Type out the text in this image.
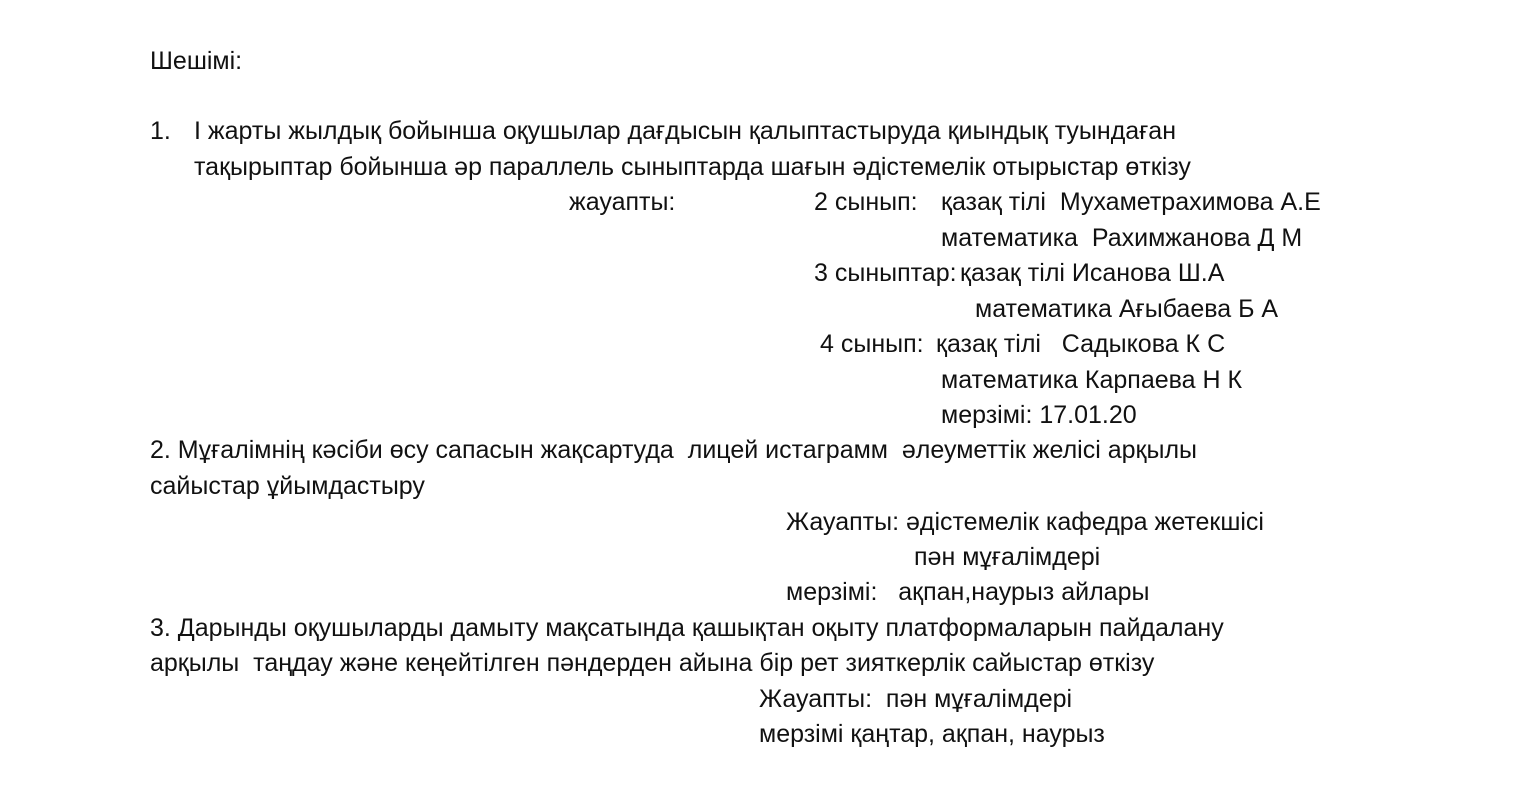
Шешімі:
1. І жарты жылдық бойынша оқушылар дағдысын қалыптастыруда қиындық туындаған
тақырыптар бойынша әр параллель сыныптарда шағын әдістемелік отырыстар өткізу
жауапты:	2 сынып: қазақ тілі  Мухаметрахимова А.Е
математика  Рахимжанова Д М
3 сыныптар: қазақ тілі Исанова Ш.А
математика Ағыбаева Б А
4 сынып: қазақ тілі   Садыкова К С
математика Карпаева Н К
мерзімі: 17.01.20
2. Мұғалімнің кәсіби өсу сапасын жақсартуда  лицей истаграмм  әлеуметтік желісі арқылы
сайыстар ұйымдастыру
Жауапты: әдістемелік кафедра жетекшісі
пән мұғалімдері
мерзімі:   ақпан,наурыз айлары
3. Дарынды оқушыларды дамыту мақсатында қашықтан оқыту платформаларын пайдалану
арқылы  таңдау және кеңейтілген пәндерден айына бір рет зияткерлік сайыстар өткізу
Жауапты:  пән мұғалімдері
мерзімі қаңтар, ақпан, наурыз
